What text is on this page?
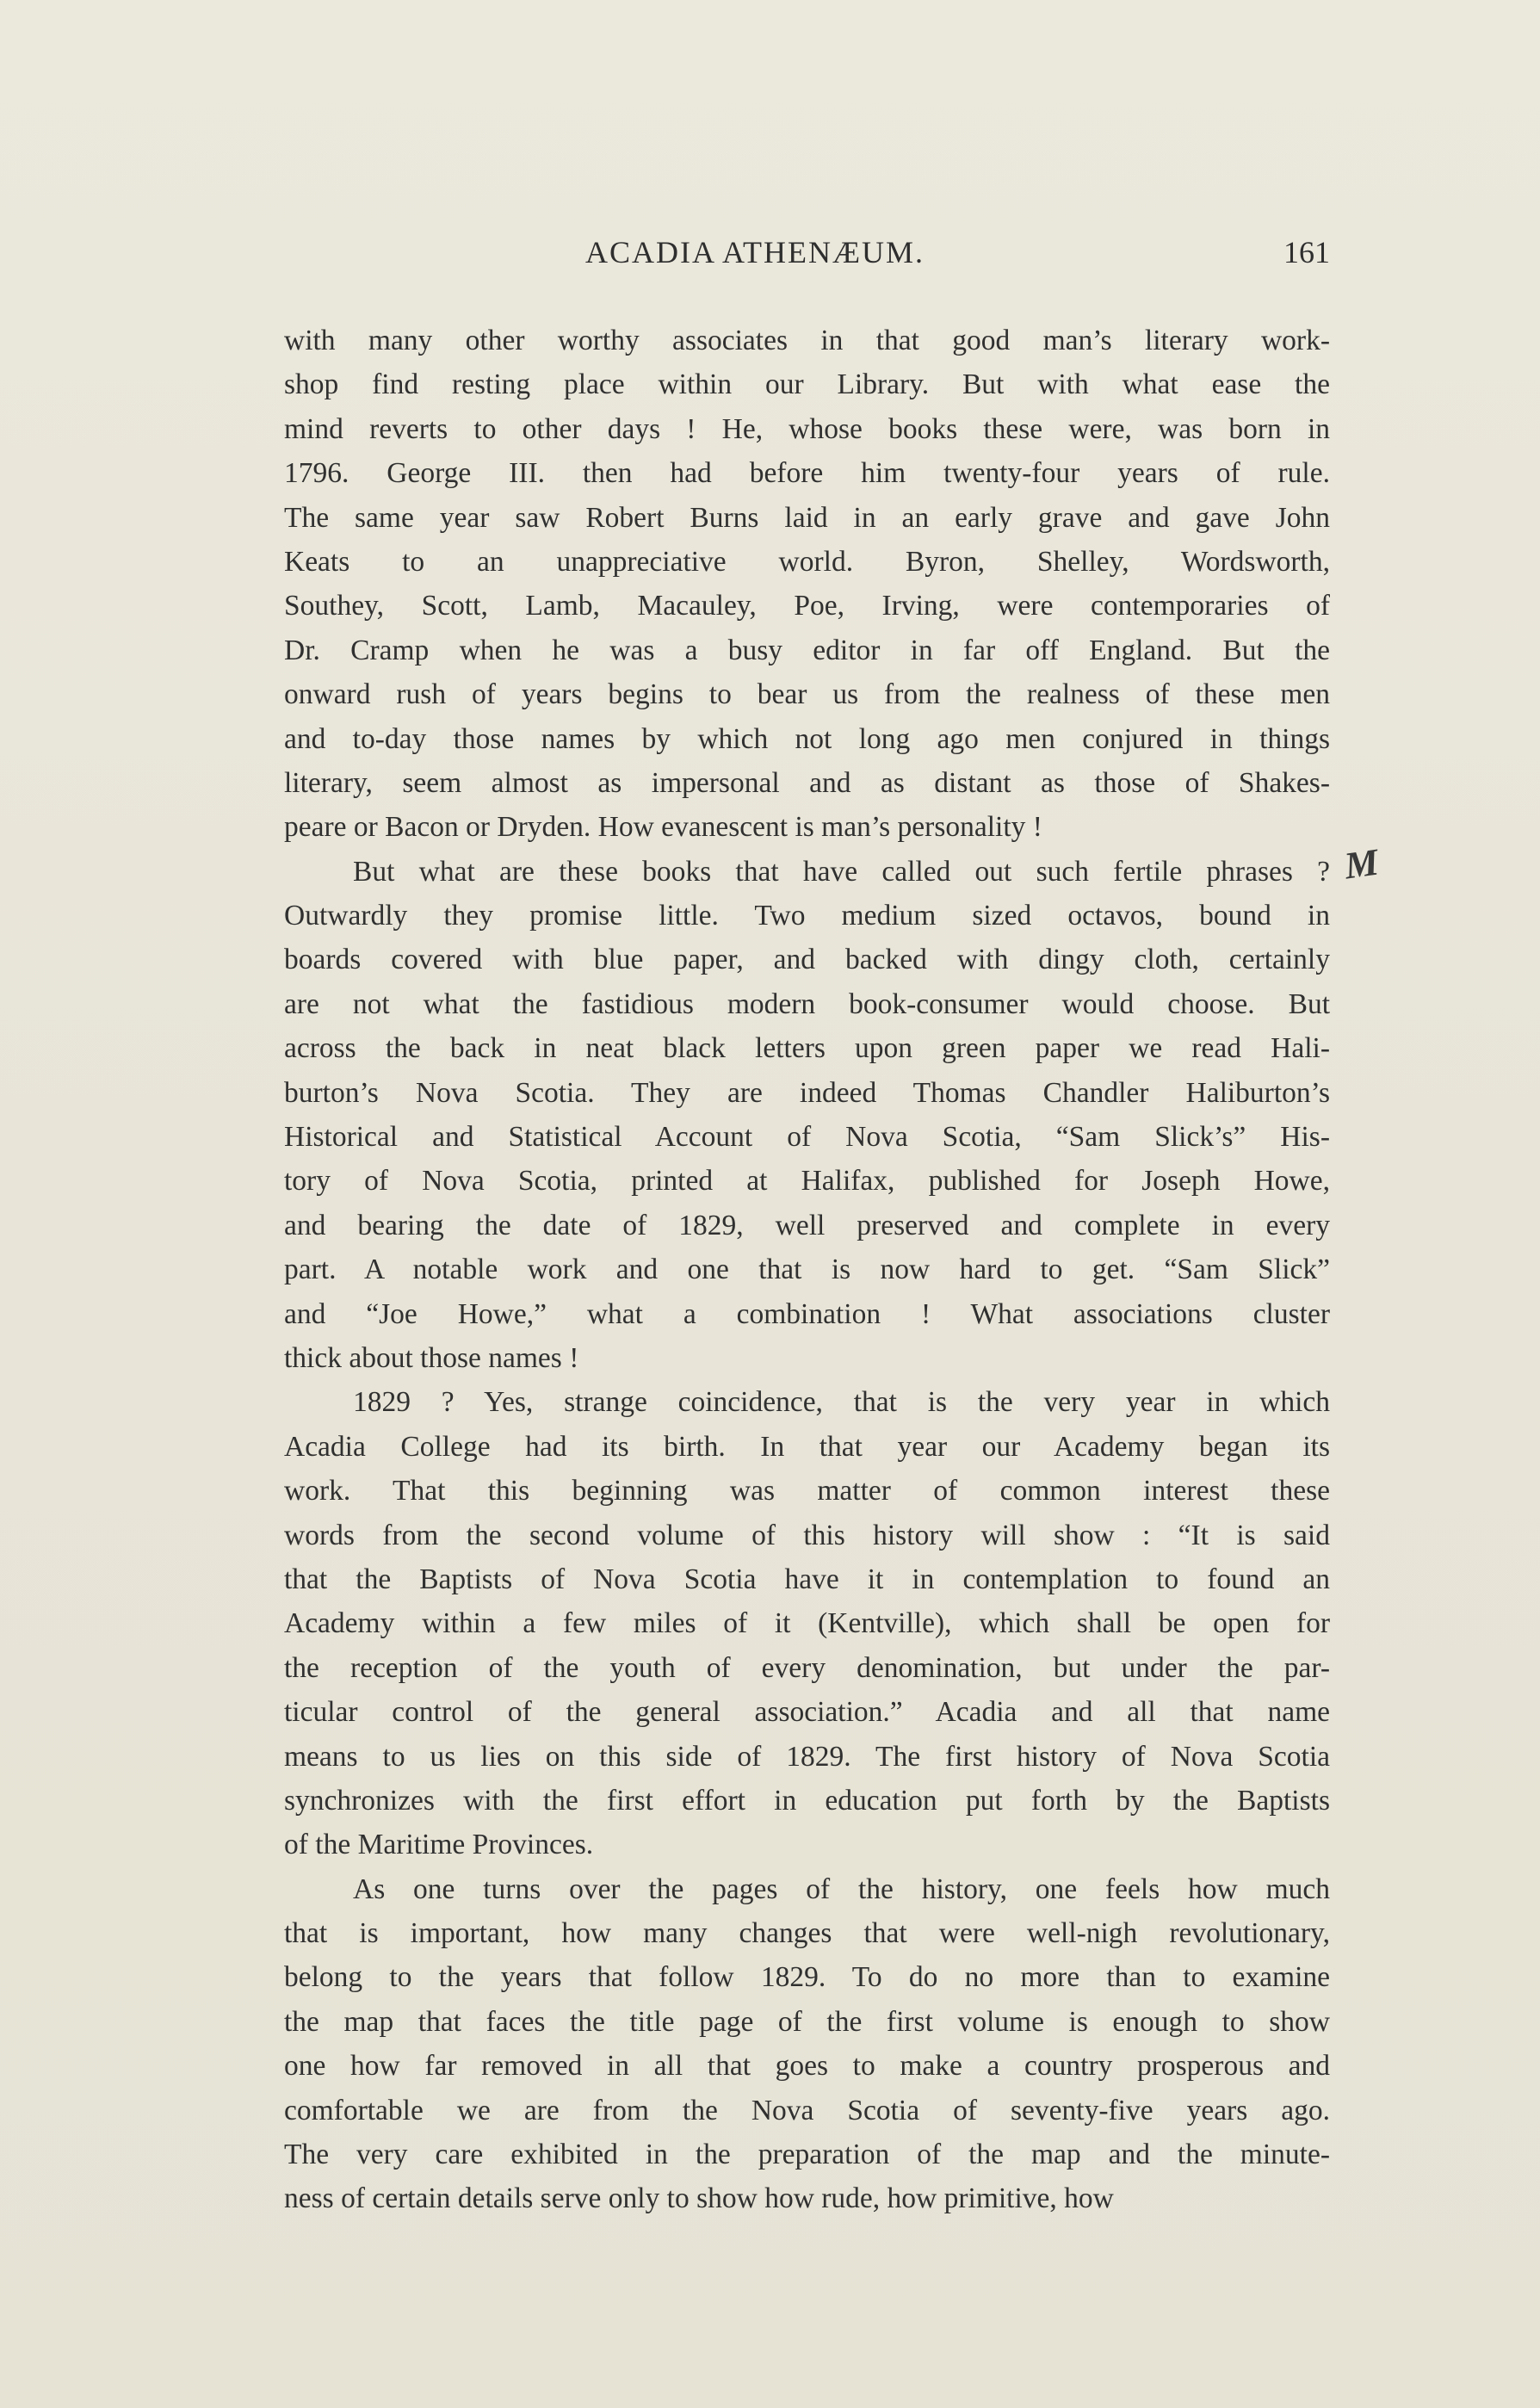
ACADIA ATHENÆUM.	161
M
with many other worthy associates in that good man’s literary work-
shop find resting place within our Library. But with what ease the
mind reverts to other days ! He, whose books these were, was born in
1796. George III. then had before him twenty-four years of rule.
The same year saw Robert Burns laid in an early grave and gave John
Keats to an unappreciative world. Byron, Shelley, Wordsworth,
Southey, Scott, Lamb, Macauley, Poe, Irving, were contemporaries of
Dr. Cramp when he was a busy editor in far off England. But the
onward rush of years begins to bear us from the realness of these men
and to-day those names by which not long ago men conjured in things
literary, seem almost as impersonal and as distant as those of Shakes-
peare or Bacon or Dryden. How evanescent is man’s personality !
But what are these books that have called out such fertile phrases ?
Outwardly they promise little. Two medium sized octavos, bound in
boards covered with blue paper, and backed with dingy cloth, certainly
are not what the fastidious modern book-consumer would choose. But
across the back in neat black letters upon green paper we read Hali-
burton’s Nova Scotia. They are indeed Thomas Chandler Haliburton’s
Historical and Statistical Account of Nova Scotia, “Sam Slick’s” His-
tory of Nova Scotia, printed at Halifax, published for Joseph Howe,
and bearing the date of 1829, well preserved and complete in every
part. A notable work and one that is now hard to get. “Sam Slick”
and “Joe Howe,” what a combination ! What associations cluster
thick about those names !
1829 ? Yes, strange coincidence, that is the very year in which
Acadia College had its birth. In that year our Academy began its
work. That this beginning was matter of common interest these
words from the second volume of this history will show : “It is said
that the Baptists of Nova Scotia have it in contemplation to found an
Academy within a few miles of it (Kentville), which shall be open for
the reception of the youth of every denomination, but under the par-
ticular control of the general association.” Acadia and all that name
means to us lies on this side of 1829. The first history of Nova Scotia
synchronizes with the first effort in education put forth by the Baptists
of the Maritime Provinces.
As one turns over the pages of the history, one feels how much
that is important, how many changes that were well-nigh revolutionary,
belong to the years that follow 1829. To do no more than to examine
the map that faces the title page of the first volume is enough to show
one how far removed in all that goes to make a country prosperous and
comfortable we are from the Nova Scotia of seventy-five years ago.
The very care exhibited in the preparation of the map and the minute-
ness of certain details serve only to show how rude, how primitive, how
